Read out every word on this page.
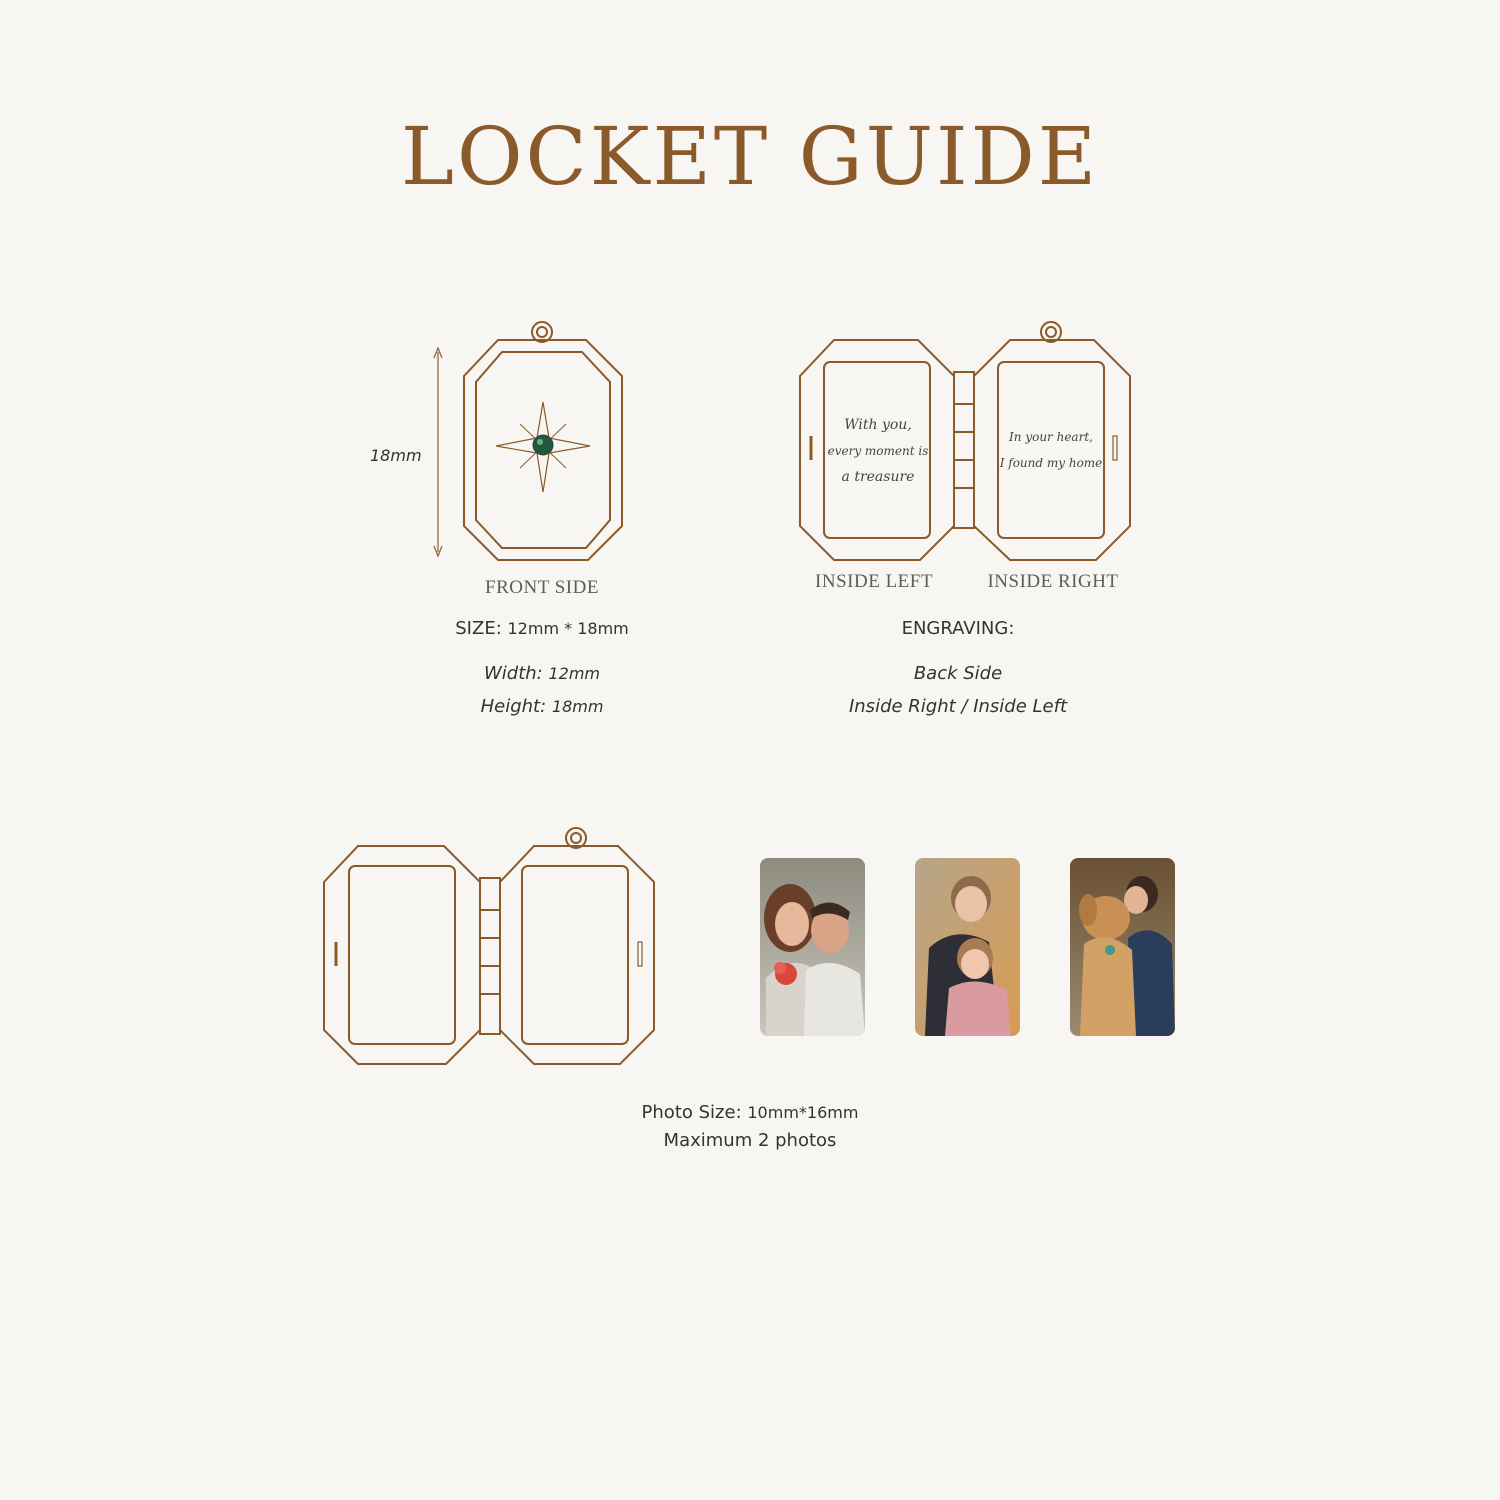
LOCKET GUIDE
18mm
With you,
every moment is
a treasure
In your heart,
I found my home
FRONT SIDE	INSIDE LEFT	INSIDE RIGHT
SIZE: 12mm * 18mm
Width: 12mm
Height: 18mm
ENGRAVING:
Back Side
Inside Right / Inside Left
Photo Size: 10mm*16mm
Maximum 2 photos
